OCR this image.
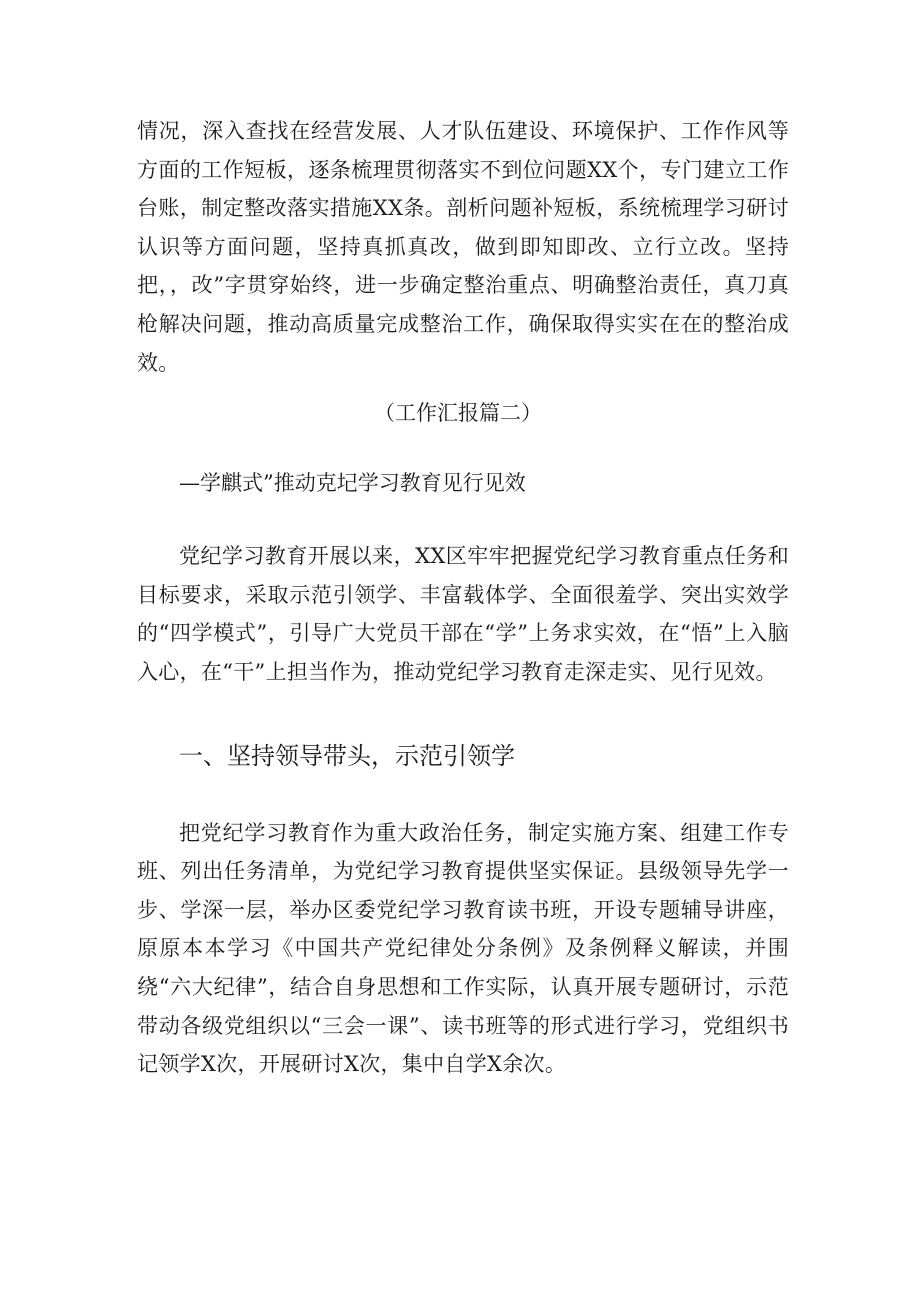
情况，深入查找在经营发展、人才队伍建设、环境保护、工作作风等方面的工作短板，逐条梳理贯彻落实不到位问题XX个，专门建立工作台账，制定整改落实措施XX条。剖析问题补短板，系统梳理学习研讨认识等方面问题，坚持真抓真改，做到即知即改、立行立改。坚持把，，改”字贯穿始终，进一步确定整治重点、明确整治责任，真刀真枪解决问题，推动高质量完成整治工作，确保取得实实在在的整治成效。

（工作汇报篇二）

—学麒式”推动克圮学习教育见行见效

党纪学习教育开展以来，XX区牢牢把握党纪学习教育重点任务和目标要求，采取示范引领学、丰富载体学、全面很羞学、突出实效学的“四学模式”，引导广大党员干部在“学”上务求实效，在“悟”上入脑入心，在“干”上担当作为，推动党纪学习教育走深走实、见行见效。

一、坚持领导带头，示范引领学

把党纪学习教育作为重大政治任务，制定实施方案、组建工作专班、列出任务清单，为党纪学习教育提供坚实保证。县级领导先学一步、学深一层，举办区委党纪学习教育读书班，开设专题辅导讲座，原原本本学习《中国共产党纪律处分条例》及条例释义解读，并围绕“六大纪律”，结合自身思想和工作实际，认真开展专题研讨，示范带动各级党组织以“三会一课”、读书班等的形式进行学习，党组织书记领学X次，开展研讨X次，集中自学X余次。
